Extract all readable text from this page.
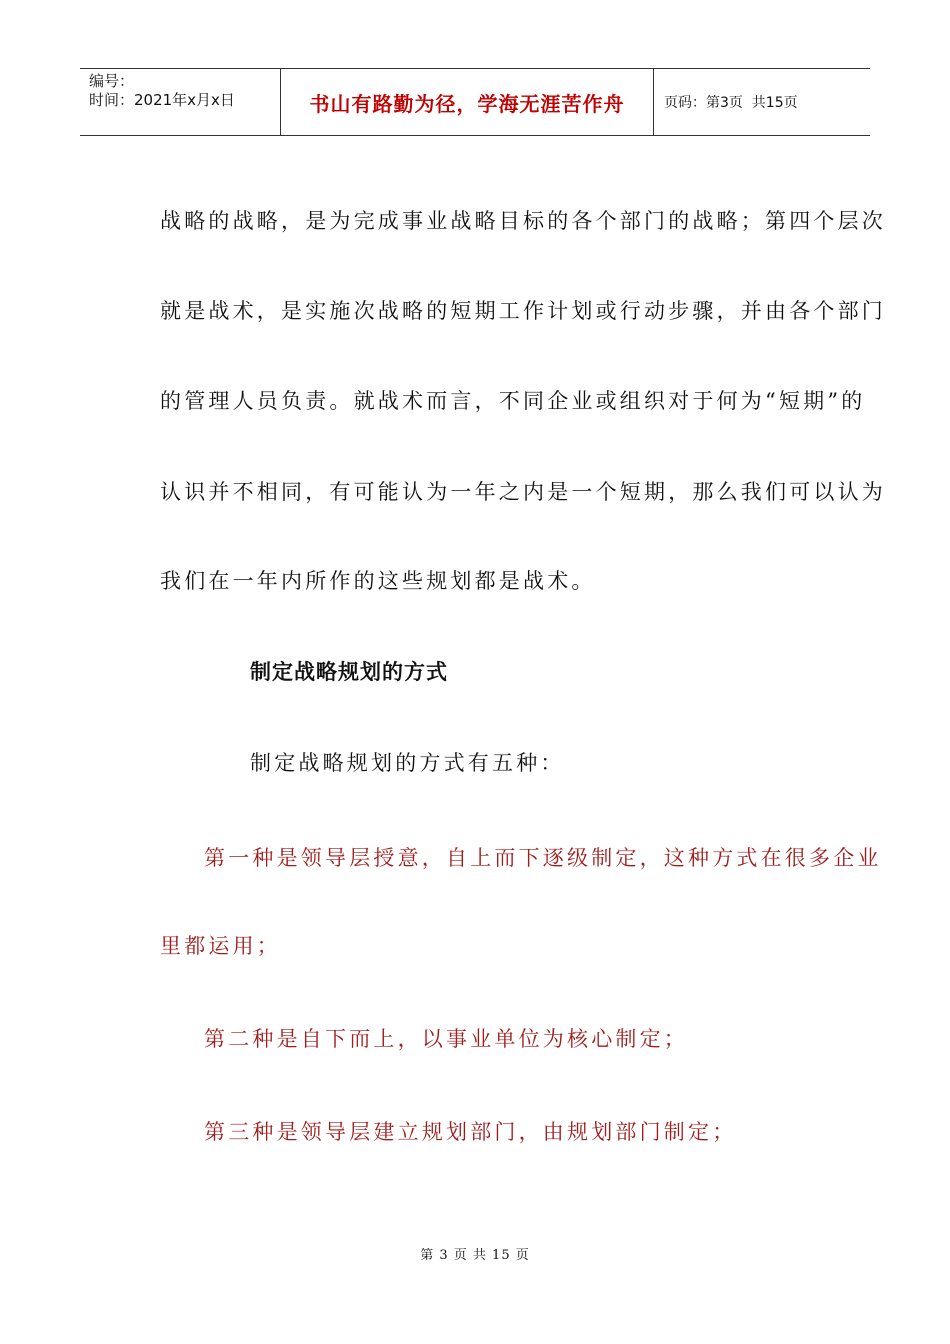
编号：
时间：2021年x月x日	书山有路勤为径，学海无涯苦作舟	页码：第3页  共15页
战略的战略，是为完成事业战略目标的各个部门的战略；第四个层次
就是战术，是实施次战略的短期工作计划或行动步骤，并由各个部门
的管理人员负责。就战术而言，不同企业或组织对于何为“短期”的
认识并不相同，有可能认为一年之内是一个短期，那么我们可以认为
我们在一年内所作的这些规划都是战术。
制定战略规划的方式
制定战略规划的方式有五种：
第一种是领导层授意，自上而下逐级制定，这种方式在很多企业
里都运用；
第二种是自下而上，以事业单位为核心制定；
第三种是领导层建立规划部门，由规划部门制定；
第 3 页 共 15 页
